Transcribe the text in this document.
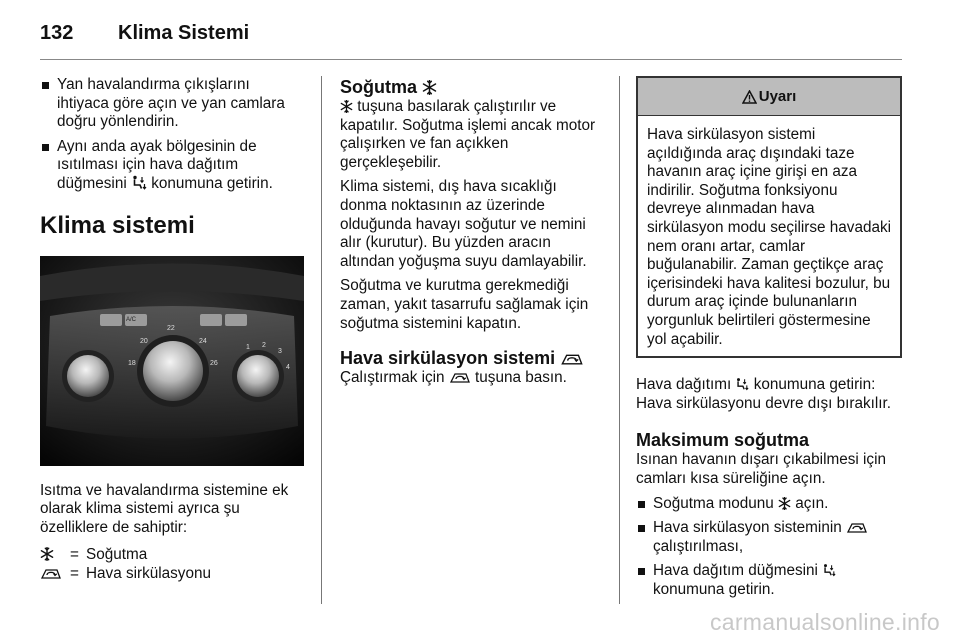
132	Klima Sistemi
Yan havalandırma çıkışlarını ihtiyaca göre açın ve yan camlara doğru yönlendirin.
Aynı anda ayak bölgesinin de ısıtılması için hava dağıtım düğmesini konumuna getirin.
Klima sistemi
A/C
22
20	24
18	26
1 2
3
4

Isıtma ve havalandırma sistemine ek olarak klima sistemi ayrıca şu özelliklere de sahiptir:

= Soğutma
= Hava sirkülasyonu
Soğutma

tuşuna basılarak çalıştırılır ve kapatılır. Soğutma işlemi ancak motor çalışırken ve fan açıkken gerçekleşebilir.

Klima sistemi, dış hava sıcaklığı donma noktasının az üzerinde olduğunda havayı soğutur ve nemini alır (kurutur). Bu yüzden aracın altından yoğuşma suyu damlayabilir.

Soğutma ve kurutma gerekmediği zaman, yakıt tasarrufu sağlamak için soğutma sistemini kapatın.

Hava sirkülasyon sistemi

Çalıştırmak için tuşuna basın.

Uyarı
Hava sirkülasyon sistemi açıldığında araç dışındaki taze havanın araç içine girişi en aza indirilir. Soğutma fonksiyonu devreye alınmadan hava sirkülasyon modu seçilirse havadaki nem oranı artar, camlar buğulanabilir. Zaman geçtikçe araç içerisindeki hava kalitesi bozulur, bu durum araç içinde bulunanların yorgunluk belirtileri göstermesine yol açabilir.

Hava dağıtımı konumuna getirin: Hava sirkülasyonu devre dışı bırakılır.

Maksimum soğutma

Isınan havanın dışarı çıkabilmesi için camları kısa süreliğine açın.

Soğutma modunu açın.
Hava sirkülasyon sisteminin  çalıştırılması,
Hava dağıtım düğmesini  konumuna getirin.
carmanualsonline.info
